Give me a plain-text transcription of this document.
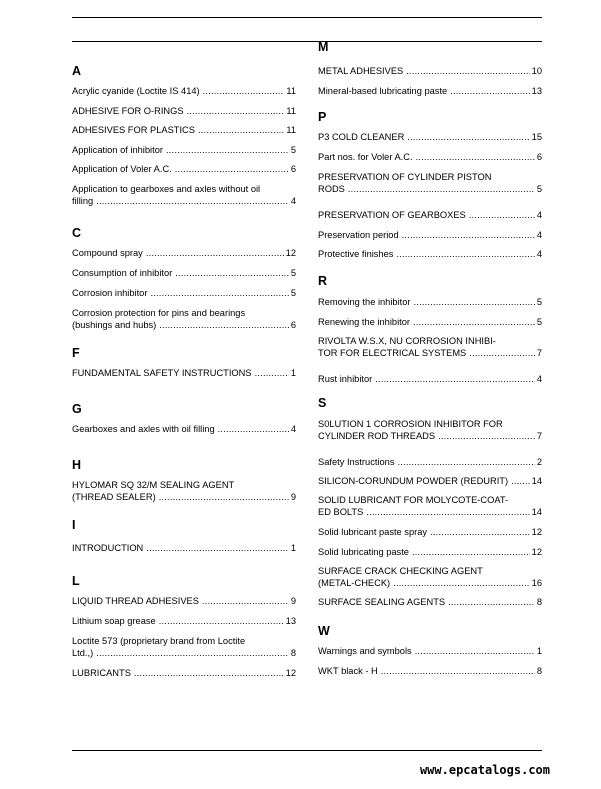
A
Acrylic cyanide (Loctite IS 414) .....	11
ADHESIVE FOR O-RINGS .....	11
ADHESIVES FOR PLASTICS .....	11
Application of inhibitor .....	5
Application of Voler A.C. .....	6
Application to gearboxes and axles without oil
filling .....	4
C
Compound spray .....	12
Consumption of inhibitor .....	5
Corrosion inhibitor .....	5
Corrosion protection for pins and bearings
(bushings and hubs) .....	6
F
FUNDAMENTAL SAFETY INSTRUCTIONS .....	1
G
Gearboxes and axles with oil filling .....	4
H
HYLOMAR SQ 32/M SEALING AGENT
(THREAD SEALER) .....	9
I
INTRODUCTION .....	1
L
LIQUID THREAD ADHESIVES .....	9
Lithium soap grease .....	13
Loctite 573 (proprietary brand from Loctite
Ltd.,) .....	8
LUBRICANTS .....	12
M
METAL ADHESIVES .....	10
Mineral-based lubricating paste .....	13
P
P3 COLD CLEANER .....	15
Part nos. for Voler A.C. .....	6
PRESERVATION OF CYLINDER PISTON
RODS .....	5
PRESERVATION OF GEARBOXES .....	4
Preservation period .....	4
Protective finishes .....	4
R
Removing the inhibitor .....	5
Renewing the inhibitor .....	5
RIVOLTA W.S.X, NU CORROSION INHIBI-
TOR FOR ELECTRICAL SYSTEMS .....	7
Rust inhibitor .....	4
S
S0LUTION 1 CORROSION INHIBITOR FOR
CYLINDER ROD THREADS .....	7
Safety Instructions .....	2
SILICON-CORUNDUM POWDER (REDURIT) .....	14
SOLID LUBRICANT FOR MOLYCOTE-COAT-
ED BOLTS .....	14
Solid lubricant paste spray .....	12
Solid lubricating paste .....	12
SURFACE CRACK CHECKING AGENT
(METAL-CHECK) .....	16
SURFACE SEALING AGENTS .....	8
W
Warnings and symbols .....	1
WKT black - H .....	8
www.epcatalogs.com
